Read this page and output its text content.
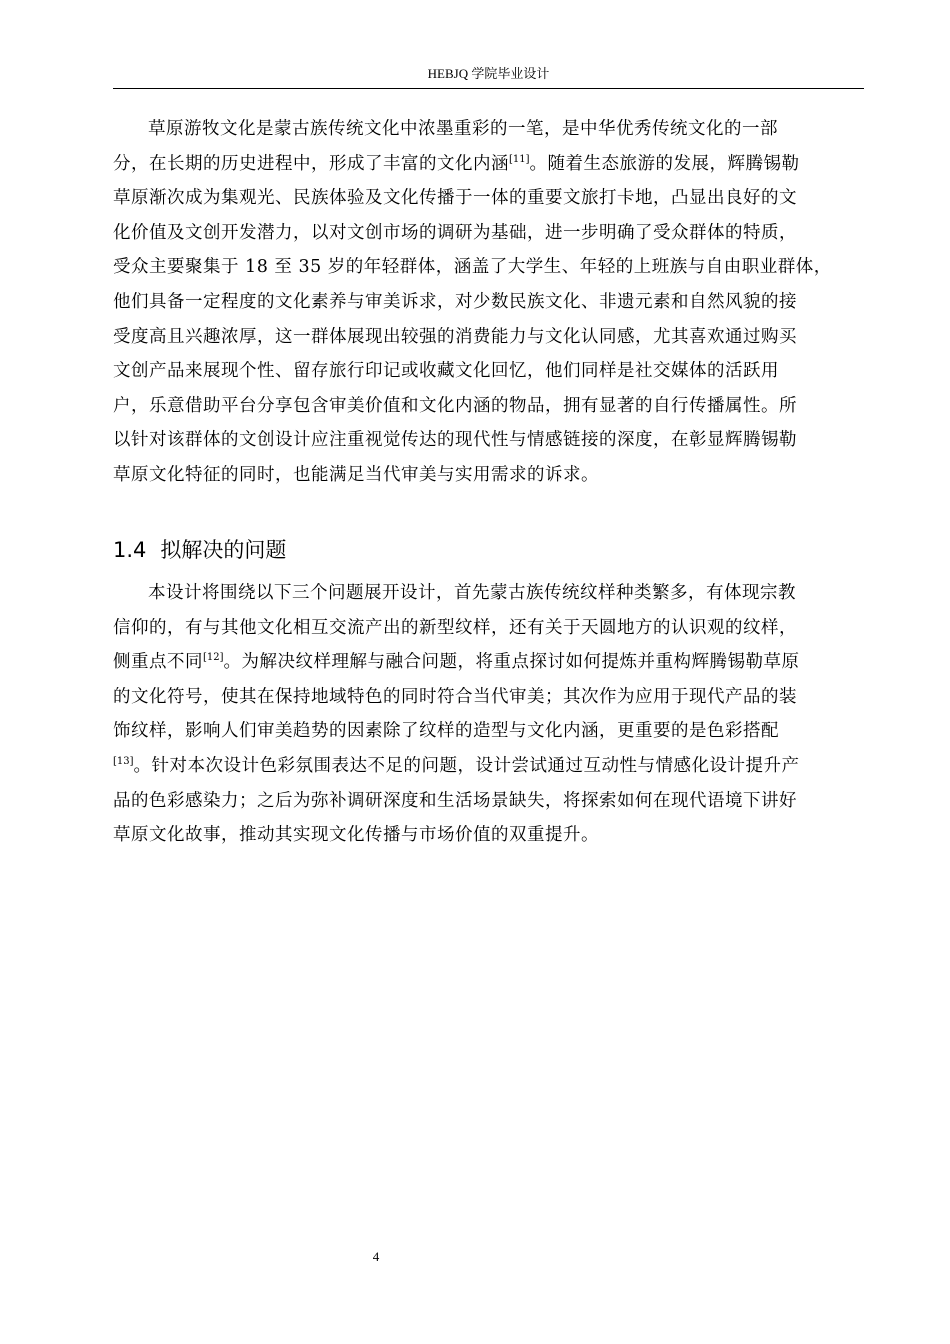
HEBJQ 学院毕业设计

草原游牧文化是蒙古族传统文化中浓墨重彩的一笔，是中华优秀传统文化的一部
分，在长期的历史进程中，形成了丰富的文化内涵[11]。随着生态旅游的发展，辉腾锡勒
草原渐次成为集观光、民族体验及文化传播于一体的重要文旅打卡地，凸显出良好的文
化价值及文创开发潜力，以对文创市场的调研为基础，进一步明确了受众群体的特质，
受众主要聚集于 18 至 35 岁的年轻群体，涵盖了大学生、年轻的上班族与自由职业群体，
他们具备一定程度的文化素养与审美诉求，对少数民族文化、非遗元素和自然风貌的接
受度高且兴趣浓厚，这一群体展现出较强的消费能力与文化认同感，尤其喜欢通过购买
文创产品来展现个性、留存旅行印记或收藏文化回忆，他们同样是社交媒体的活跃用
户，乐意借助平台分享包含审美价值和文化内涵的物品，拥有显著的自行传播属性。所
以针对该群体的文创设计应注重视觉传达的现代性与情感链接的深度，在彰显辉腾锡勒
草原文化特征的同时，也能满足当代审美与实用需求的诉求。

1.4 拟解决的问题

本设计将围绕以下三个问题展开设计，首先蒙古族传统纹样种类繁多，有体现宗教
信仰的，有与其他文化相互交流产出的新型纹样，还有关于天圆地方的认识观的纹样，
侧重点不同[12]。为解决纹样理解与融合问题，将重点探讨如何提炼并重构辉腾锡勒草原
的文化符号，使其在保持地域特色的同时符合当代审美；其次作为应用于现代产品的装
饰纹样，影响人们审美趋势的因素除了纹样的造型与文化内涵，更重要的是色彩搭配
[13]。针对本次设计色彩氛围表达不足的问题，设计尝试通过互动性与情感化设计提升产
品的色彩感染力；之后为弥补调研深度和生活场景缺失，将探索如何在现代语境下讲好
草原文化故事，推动其实现文化传播与市场价值的双重提升。

4
